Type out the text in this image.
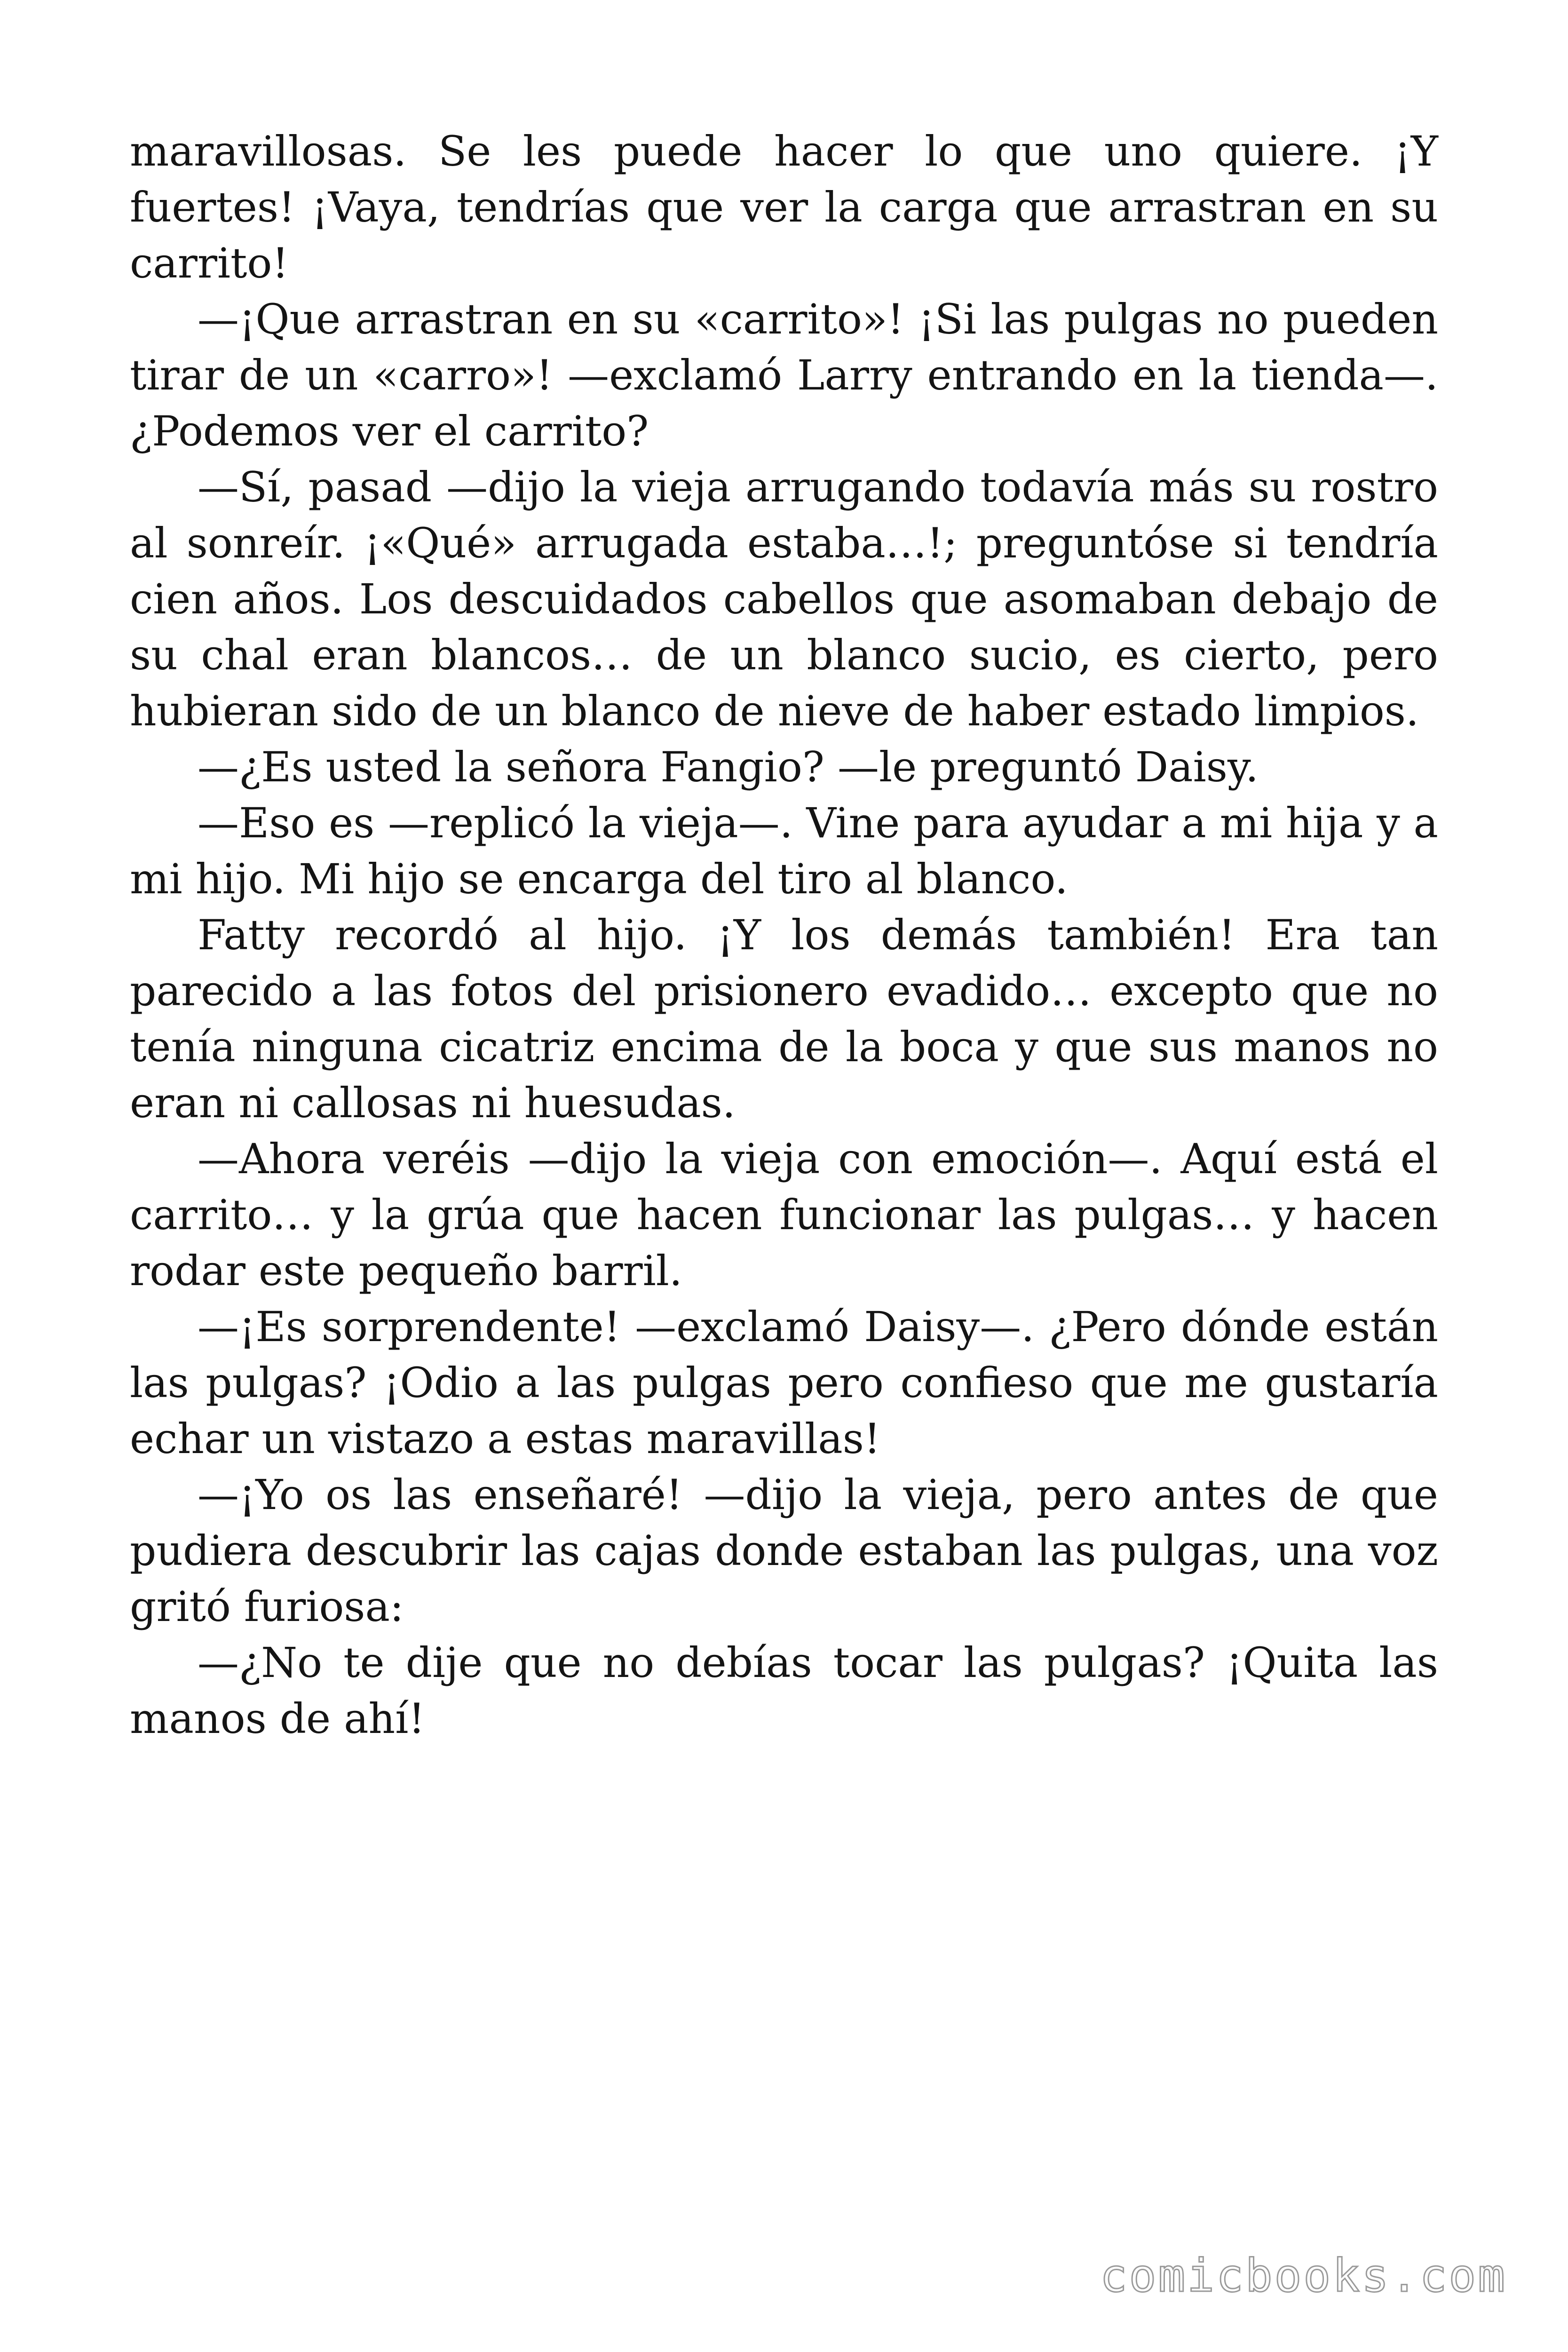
maravillosas. Se les puede hacer lo que uno quiere. ¡Y fuertes! ¡Vaya, tendrías que ver la carga que arrastran en su carrito!

—¡Que arrastran en su «carrito»! ¡Si las pulgas no pueden tirar de un «carro»! —exclamó Larry entrando en la tienda—. ¿Podemos ver el carrito?

—Sí, pasad —dijo la vieja arrugando todavía más su rostro al sonreír. ¡«Qué» arrugada estaba…!; preguntóse si tendría cien años. Los descuidados cabellos que asomaban debajo de su chal eran blancos… de un blanco sucio, es cierto, pero hubieran sido de un blanco de nieve de haber estado limpios.

—¿Es usted la señora Fangio? —le preguntó Daisy.

—Eso es —replicó la vieja—. Vine para ayudar a mi hija y a mi hijo. Mi hijo se encarga del tiro al blanco.

Fatty recordó al hijo. ¡Y los demás también! Era tan parecido a las fotos del prisionero evadido… excepto que no tenía ninguna cicatriz encima de la boca y que sus manos no eran ni callosas ni huesudas.

—Ahora veréis —dijo la vieja con emoción—. Aquí está el carrito… y la grúa que hacen funcionar las pulgas… y hacen rodar este pequeño barril.

—¡Es sorprendente! —exclamó Daisy—. ¿Pero dónde están las pulgas? ¡Odio a las pulgas pero confieso que me gustaría echar un vistazo a estas maravillas!

—¡Yo os las enseñaré! —dijo la vieja, pero antes de que pudiera descubrir las cajas donde estaban las pulgas, una voz gritó furiosa:

—¿No te dije que no debías tocar las pulgas? ¡Quita las manos de ahí!

comicbooks.com
